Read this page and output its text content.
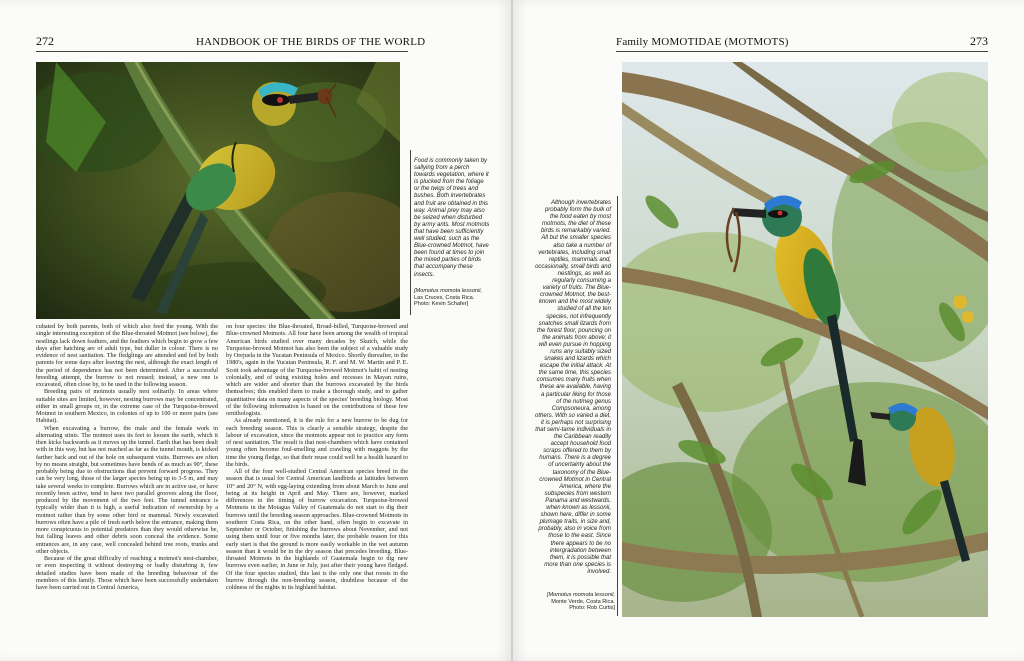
272	HANDBOOK OF THE BIRDS OF THE WORLD

cubated by both parents, both of which also feed the young. With the single interesting exception of the Blue-throated Motmot (see below), the nestlings lack down feathers, and the feathers which begin to grow a few days after hatching are of adult type, but duller in colour. There is no evidence of nest sanitation. The fledglings are attended and fed by both parents for some days after leaving the nest, although the exact length of the period of dependence has not been determined. After a successful breeding attempt, the burrow is not reused; instead, a new one is excavated, often close by, to be used in the following season.

Breeding pairs of motmots usually nest solitarily. In areas where suitable sites are limited, however, nesting burrows may be concentrated, either in small groups or, in the extreme case of the Turquoise-browed Motmot in southern Mexico, in colonies of up to 100 or more pairs (see Habitat).

When excavating a burrow, the male and the female work in alternating stints. The motmot uses its feet to loosen the earth, which it then kicks backwards as it moves up the tunnel. Earth that has been dealt with in this way, but has not reached as far as the tunnel mouth, is kicked farther back and out of the hole on subsequent visits. Burrows are often by no means straight, but sometimes have bends of as much as 90°, these probably being due to obstructions that prevent forward progress. They can be very long, those of the larger species being up to 3-5 m, and may take several weeks to complete. Burrows which are in active use, or have recently been active, tend to have two parallel grooves along the floor, produced by the movement of the two feet. The tunnel entrance is typically wider than it is high, a useful indication of ownership by a motmot rather than by some other bird or mammal. Newly excavated burrows often have a pile of fresh earth below the entrance, making them more conspicuous to potential predators than they would otherwise be, but falling leaves and other debris soon conceal the evidence. Some entrances are, in any case, well concealed behind tree roots, trunks and other objects.

Because of the great difficulty of reaching a motmot's nest-chamber, or even inspecting it without destroying or badly disturbing it, few detailed studies have been made of the breeding behaviour of the members of this family. Those which have been successfully undertaken have been carried out in Central America,

on four species: the Blue-throated, Broad-billed, Turquoise-browed and Blue-crowned Motmots. All four have been among the wealth of tropical American birds studied over many decades by Skutch, while the Turquoise-browed Motmot has also been the subject of a valuable study by Orejuela in the Yucatan Peninsula of Mexico. Shortly thereafter, in the 1980's, again in the Yucatan Peninsula, R. F. and M. W. Martin and P. E. Scott took advantage of the Turquoise-browed Motmot's habit of nesting colonially, and of using existing holes and recesses in Mayan ruins, which are wider and shorter than the burrows excavated by the birds themselves; this enabled them to make a thorough study, and to gather quantitative data on many aspects of the species' breeding biology. Most of the following information is based on the contributions of these few ornithologists.

As already mentioned, it is the rule for a new burrow to be dug for each breeding season. This is clearly a sensible strategy, despite the labour of excavation, since the motmots appear not to practice any form of nest sanitation. The result is that nest-chambers which have contained young often become foul-smelling and crawling with maggots by the time the young fledge, so that their reuse could well be a health hazard to the birds.

All of the four well-studied Central American species breed in the season that is usual for Central American landbirds at latitudes between 10° and 20° N, with egg-laying extending from about March to June and being at its height in April and May. There are, however, marked differences in the timing of burrow excavation. Turquoise-browed Motmots in the Motagua Valley of Guatemala do not start to dig their burrows until the breeding season approaches. Blue-crowned Motmots in southern Costa Rica, on the other hand, often begin to excavate in September or October, finishing the burrows about November, and not using them until four or five months later, the probable reason for this early start is that the ground is more easily workable in the wet autumn season than it would be in the dry season that precedes breeding. Blue-throated Motmots in the highlands of Guatemala begin to dig new burrows even earlier, in June or July, just after their young have fledged. Of the four species studied, this last is the only one that roosts in the burrow through the non-breeding season, doubtless because of the coldness of the nights in its highland habitat.

Food is commonly taken by sallying from a perch towards vegetation, where it is plucked from the foliage or the twigs of trees and bushes. Both invertebrates and fruit are obtained in this way. Animal prey may also be seized when disturbed by army ants. Most motmots that have been sufficiently well studied, such as the Blue-crowned Motmot, have been found at times to join the mixed parties of birds that accompany these insects.
[Momotus momota lessonii,
Las Cruces, Costa Rica.
Photo: Kevin Schafer]
Family MOMOTIDAE (MOTMOTS)	273
Although invertebrates probably form the bulk of the food eaten by most motmots, the diet of these birds is remarkably varied. All but the smaller species also take a number of vertebrates, including small reptiles, mammals and, occasionally, small birds and nestlings, as well as regularly consuming a variety of fruits. The Blue-crowned Motmot, the best-known and the most widely studied of all the ten species, not infrequently snatches small lizards from the forest floor, pouncing on the animals from above; it will even pursue in hopping runs any suitably sized snakes and lizards which escape the initial attack. At the same time, this species consumes many fruits when these are available, having a particular liking for those of the nutmeg genus Compsoneura, among others. With so varied a diet, it is perhaps not surprising that semi-tame individuals in the Caribbean readily accept household food scraps offered to them by humans. There is a degree of uncertainty about the taxonomy of the Blue-crowned Motmot in Central America, where the subspecies from western Panama and westwards, when known as lessonii, shown here, differ in some plumage traits, in size and, probably, also in voice from those to the east. Since there appears to be no intergradation between them, it is possible that more than one species is involved.
[Momotus momota lessonii,
Monte Verde, Costa Rica.
Photo: Rob Curtis]
